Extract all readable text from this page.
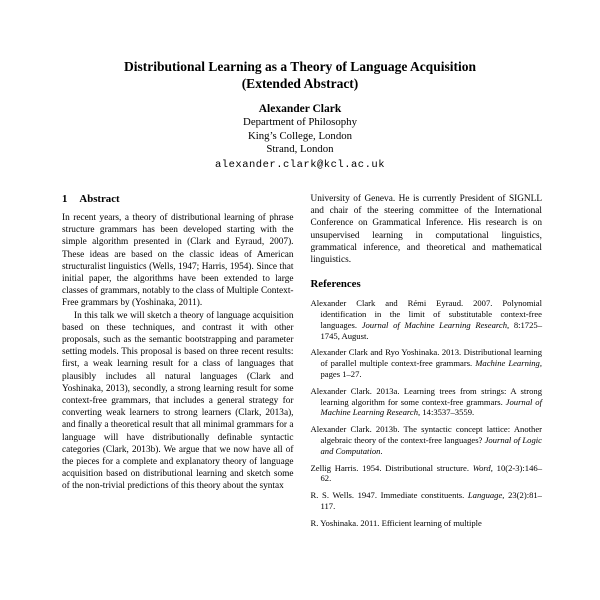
Distributional Learning as a Theory of Language Acquisition
(Extended Abstract)
Alexander Clark
Department of Philosophy
King’s College, London
Strand, London
alexander.clark@kcl.ac.uk
1 Abstract

In recent years, a theory of distributional learning of phrase structure grammars has been developed starting with the simple algorithm presented in (Clark and Eyraud, 2007). These ideas are based on the classic ideas of American structuralist linguistics (Wells, 1947; Harris, 1954). Since that initial paper, the algorithms have been extended to large classes of grammars, notably to the class of Multiple Context-Free grammars by (Yoshinaka, 2011).

In this talk we will sketch a theory of language acquisition based on these techniques, and contrast it with other proposals, such as the semantic bootstrapping and parameter setting models. This proposal is based on three recent results: first, a weak learning result for a class of languages that plausibly includes all natural languages (Clark and Yoshinaka, 2013), secondly, a strong learning result for some context-free grammars, that includes a general strategy for converting weak learners to strong learners (Clark, 2013a), and finally a theoretical result that all minimal grammars for a language will have distributionally definable syntactic categories (Clark, 2013b). We argue that we now have all of the pieces for a complete and explanatory theory of language acquisition based on distributional learning and sketch some of the non-trivial predictions of this theory about the syntax

University of Geneva. He is currently President of SIGNLL and chair of the steering committee of the International Conference on Grammatical Inference. His research is on unsupervised learning in computational linguistics, grammatical inference, and theoretical and mathematical linguistics.

References
Alexander Clark and Rémi Eyraud. 2007. Polynomial identification in the limit of substitutable context-free languages. Journal of Machine Learning Research, 8:1725–1745, August.
Alexander Clark and Ryo Yoshinaka. 2013. Distributional learning of parallel multiple context-free grammars. Machine Learning, pages 1–27.
Alexander Clark. 2013a. Learning trees from strings: A strong learning algorithm for some context-free grammars. Journal of Machine Learning Research, 14:3537–3559.
Alexander Clark. 2013b. The syntactic concept lattice: Another algebraic theory of the context-free languages? Journal of Logic and Computation.
Zellig Harris. 1954. Distributional structure. Word, 10(2-3):146–62.
R. S. Wells. 1947. Immediate constituents. Language, 23(2):81–117.
R. Yoshinaka. 2011. Efficient learning of multiple
